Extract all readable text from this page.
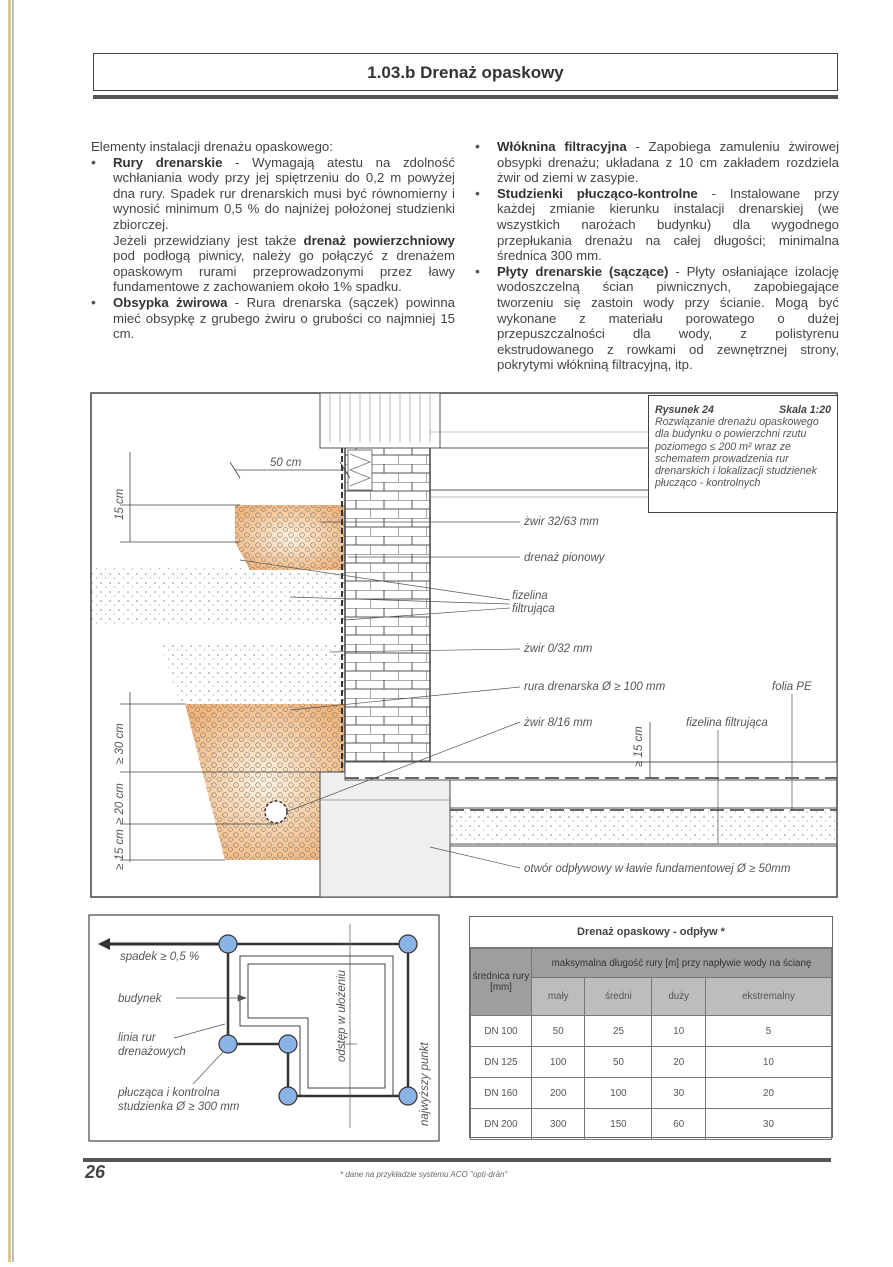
1.03.b Drenaż opaskowy

Elementy instalacji drenażu opaskowego:

• Rury drenarskie - Wymagają atestu na zdolność wchłaniania wody przy jej spiętrzeniu do 0,2 m powyżej dna rury. Spadek rur drenarskich musi być równomierny i wynosić minimum 0,5 % do najniżej położonej studzienki zbiorczej.

Jeżeli przewidziany jest także drenaż powierzchniowy pod podłogą piwnicy, należy go połączyć z drenażem opaskowym rurami przeprowadzonymi przez ławy fundamentowe z zachowaniem około 1% spadku.

• Obsypka żwirowa - Rura drenarska (sączek) powinna mieć obsypkę z grubego żwiru o grubości co najmniej 15 cm.

• Włóknina filtracyjna - Zapobiega zamuleniu żwirowej obsypki drenażu; układana z 10 cm zakładem rozdziela żwir od ziemi w zasypie.

• Studzienki płucząco-kontrolne - Instalowane przy każdej zmianie kierunku instalacji drenarskiej (we wszystkich narożach budynku) dla wygodnego przepłukania drenażu na całej długości; minimalna średnica 300 mm.

• Płyty drenarskie (sączące) - Płyty osłaniające izolację wodoszczelną ścian piwnicznych, zapobiegające tworzeniu się zastoin wody przy ścianie. Mogą być wykonane z materiału porowatego o dużej przepuszczalności dla wody, z polistyrenu ekstrudowanego z rowkami od zewnętrznej strony, pokrytymi włókniną filtracyjną, itp.

50 cm
15 cm
≥ 30 cm
≥ 20 cm
≥ 15 cm
≥ 15 cm
żwir 32/63 mm
drenaż pionowy
fizelina
filtrująca
żwir 0/32 mm
rura drenarska Ø ≥ 100 mm	folia PE
żwir 8/16 mm	fizelina filtrująca
otwór odpływowy w ławie fundamentowej Ø ≥ 50mm
Rysunek 24	Skala 1:20
Rozwiązanie drenażu opaskowego dla budynku o powierzchni rzutu poziomego ≤ 200 m² wraz ze schematem prowadzenia rur drenarskich i lokalizacji studzienek płucząco - kontrolnych
spadek ≥ 0,5 %
budynek
linia rur
drenażowych
płucząca i kontrolna
studzienka Ø ≥ 300 mm
odstęp w ułożeniu
najwyższy punkt
Drenaż opaskowy - odpływ *
średnica rury [mm]	maksymalna długość rury [m] przy napływie wody na ścianę			
	mały	średni	duży	ekstremalny
DN 100	50	25	10	5
DN 125	100	50	20	10
DN 160	200	100	30	20
DN 200	300	150	60	30
26	* dane na przykładzie systemu ACO "opti-drän"
